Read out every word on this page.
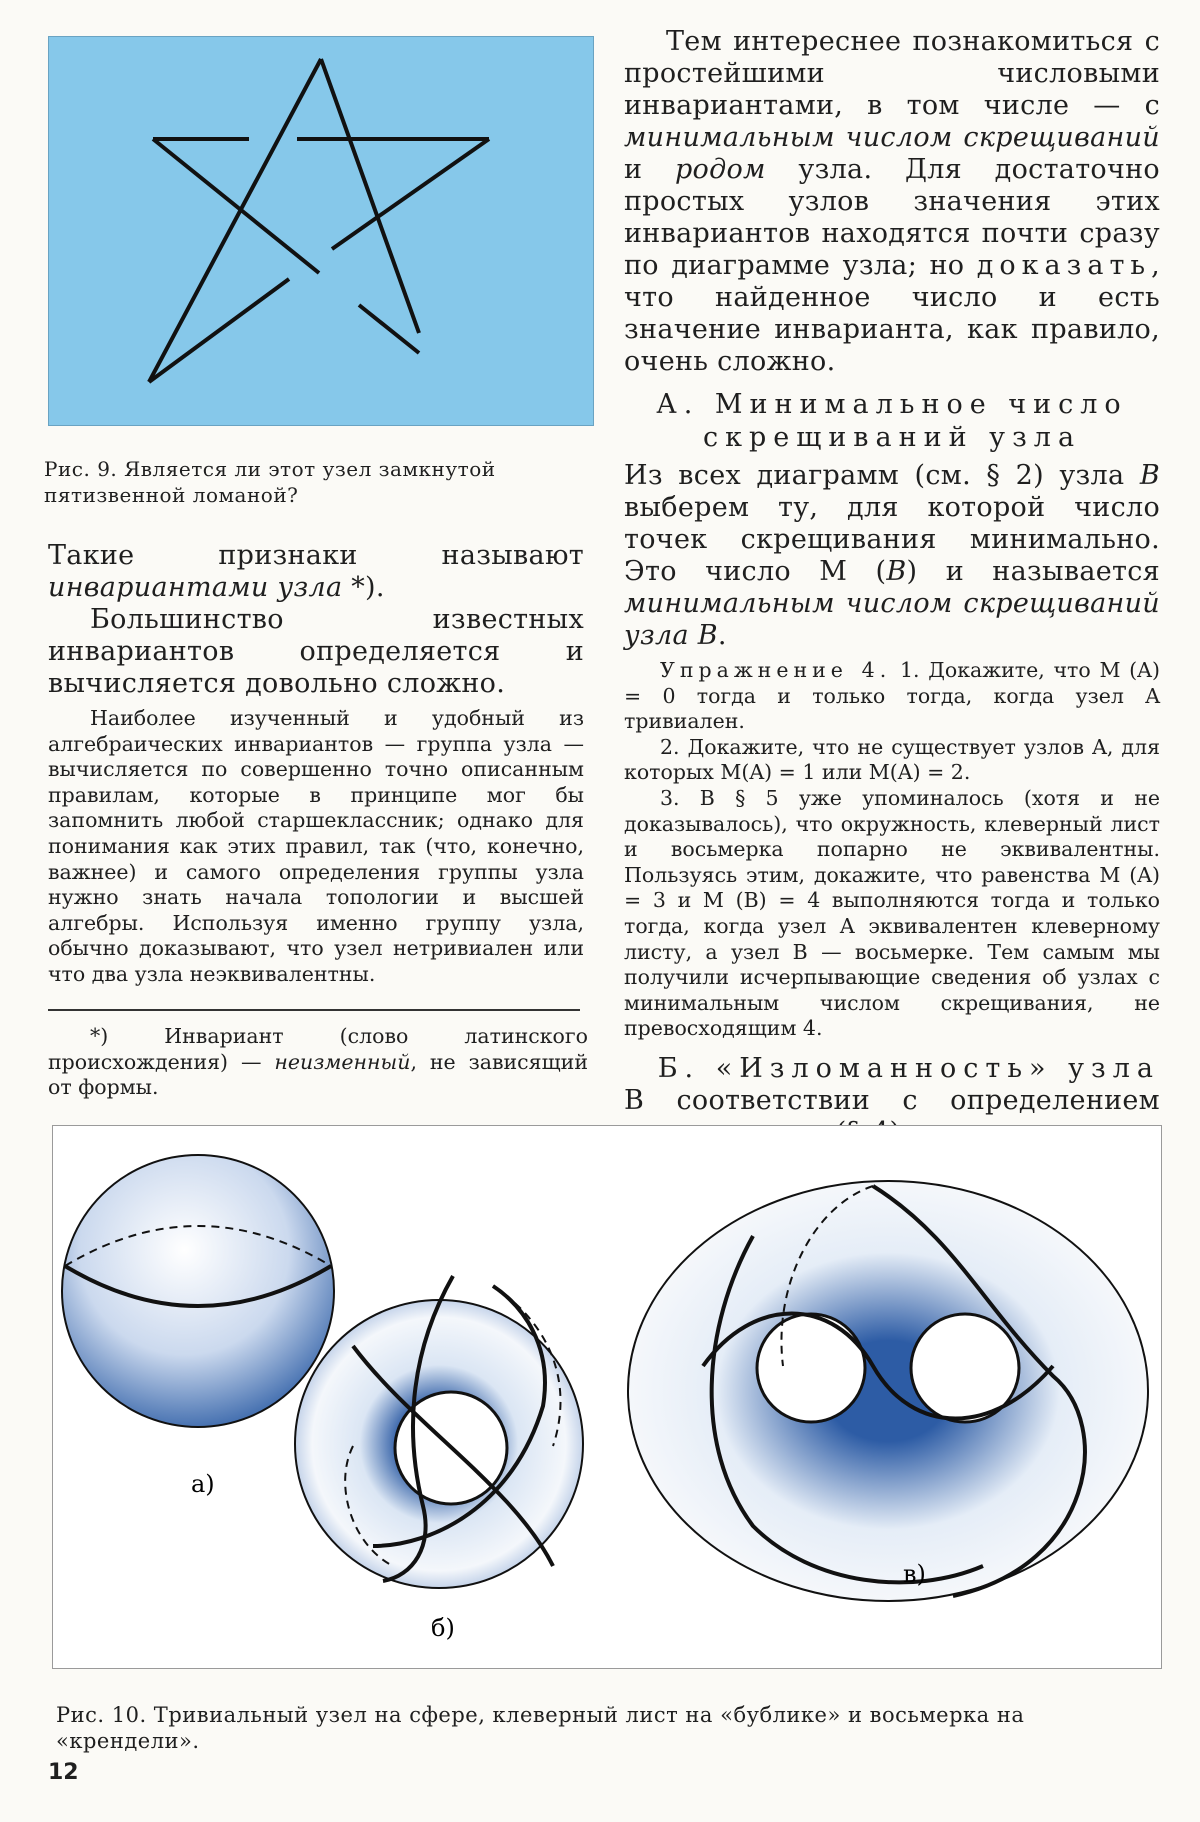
Рис. 9. Является ли этот узел замкнутой пятизвенной ломаной?

Такие признаки называют инвариантами узла *).

Большинство известных инвариантов определяется и вычисляется довольно сложно.

Наиболее изученный и удобный из алгебраических инвариантов — группа узла — вычисляется по совершенно точно описанным правилам, которые в принципе мог бы запомнить любой старшеклассник; однако для понимания как этих правил, так (что, конечно, важнее) и самого определения группы узла нужно знать начала топологии и высшей алгебры. Используя именно группу узла, обычно доказывают, что узел нетривиален или что два узла неэквивалентны.

*) Инвариант (слово латинского происхождения) — неизменный, не зависящий от формы.

Тем интереснее познакомиться с простейшими числовыми инвариантами, в том числе — с минимальным числом скрещиваний и родом узла. Для достаточно простых узлов значения этих инвариантов находятся почти сразу по диаграмме узла; но доказать, что найденное число и есть значение инварианта, как правило, очень сложно.

А. Минимальное число скрещиваний узла

Из всех диаграмм (см. § 2) узла B выберем ту, для которой число точек скрещивания минимально. Это число M (B) и называется минимальным числом скрещиваний узла B.

Упражнение 4. 1. Докажите, что M (A) = 0 тогда и только тогда, когда узел A тривиален.

2. Докажите, что не существует узлов A, для которых M(A) = 1 или M(A) = 2.

3. В § 5 уже упоминалось (хотя и не доказывалось), что окружность, клеверный лист и восьмерка попарно не эквивалентны. Пользуясь этим, докажите, что равенства M (A) = 3 и M (B) = 4 выполняются тогда и только тогда, когда узел A эквивалентен клеверному листу, а узел B — восьмерке. Тем самым мы получили исчерпывающие сведения об узлах с минимальным числом скрещивания, не превосходящим 4.

Б. «Изломанность» узла

В соответствии с определением

а)
б)
в)
Рис. 10. Тривиальный узел на сфере, клеверный лист на «бублике» и восьмерка на «крендели».
12
